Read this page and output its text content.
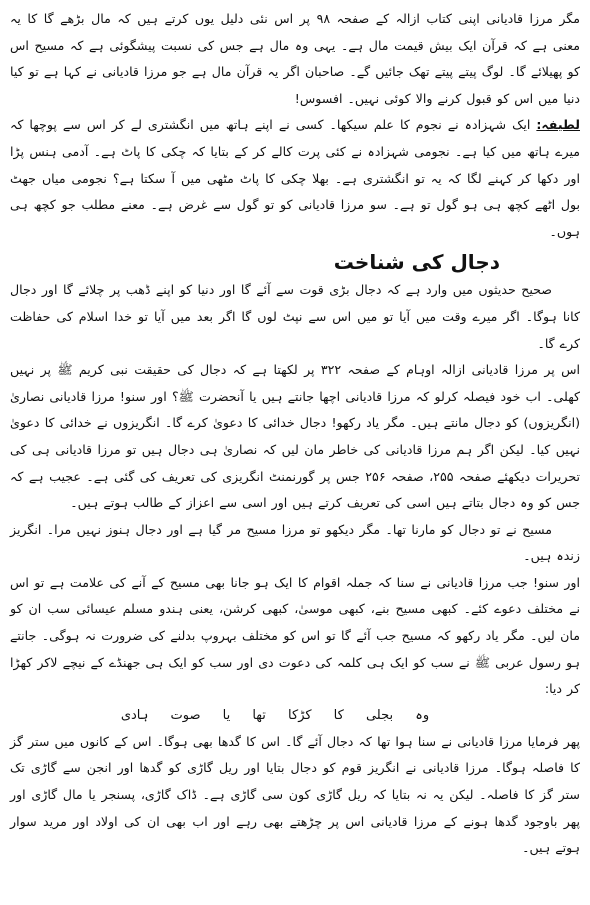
مگر مرزا قادیانی اپنی کتاب ازالہ کے صفحہ ۹۸ پر اس نئی دلیل یوں کرتے ہیں کہ مال بڑھے گا کا یہ معنی ہے کہ قرآن ایک بیش قیمت مال ہے۔ یہی وہ مال ہے جس کی نسبت پیشگوئی ہے کہ مسیح اس کو پھیلائے گا۔ لوگ پیتے پیتے تھک جائیں گے۔ صاحبان اگر یہ قرآن مال ہے جو مرزا قادیانی نے کہا ہے تو کیا دنیا میں اس کو قبول کرنے والا کوئی نہیں۔ افسوس!

لطیفہ: ایک شہزادہ نے نجوم کا علم سیکھا۔ کسی نے اپنے ہاتھ میں انگشتری لے کر اس سے پوچھا کہ میرے ہاتھ میں کیا ہے۔ نجومی شہزادہ نے کئی پرت کالے کر کے بتایا کہ چکی کا پاٹ ہے۔ آدمی ہنس پڑا اور دکھا کر کہنے لگا کہ یہ تو انگشتری ہے۔ بھلا چکی کا پاٹ مٹھی میں آ سکتا ہے؟ نجومی میاں جھٹ بول اٹھے کچھ ہی ہو گول تو ہے۔ سو مرزا قادیانی کو تو گول سے غرض ہے۔ معنے مطلب جو کچھ ہی ہوں۔

دجال کی شناخت

صحیح حدیثوں میں وارد ہے کہ دجال بڑی قوت سے آئے گا اور دنیا کو اپنے ڈھب پر چلائے گا اور دجال کانا ہوگا۔ اگر میرے وقت میں آیا تو میں اس سے نپٹ لوں گا اگر بعد میں آیا تو خدا اسلام کی حفاظت کرے گا۔

اس پر مرزا قادیانی ازالہ اوہام کے صفحہ ۳۲۲ پر لکھتا ہے کہ دجال کی حقیقت نبی کریم ﷺ پر نہیں کھلی۔ اب خود فیصلہ کرلو کہ مرزا قادیانی اچھا جانتے ہیں یا آنحضرت ﷺ؟ اور سنو! مرزا قادیانی نصاریٰ (انگریزوں) کو دجال مانتے ہیں۔ مگر یاد رکھو! دجال خدائی کا دعویٰ کرے گا۔ انگریزوں نے خدائی کا دعویٰ نہیں کیا۔ لیکن اگر ہم مرزا قادیانی کی خاطر مان لیں کہ نصاریٰ ہی دجال ہیں تو مرزا قادیانی ہی کی تحریرات دیکھئے صفحہ ۲۵۵، صفحہ ۲۵۶ جس پر گورنمنٹ انگریزی کی تعریف کی گئی ہے۔ عجیب ہے کہ جس کو وہ دجال بتاتے ہیں اسی کی تعریف کرتے ہیں اور اسی سے اعزاز کے طالب ہوتے ہیں۔

مسیح نے تو دجال کو مارنا تھا۔ مگر دیکھو تو مرزا مسیح مر گیا ہے اور دجال ہنوز نہیں مرا۔ انگریز زندہ ہیں۔

اور سنو! جب مرزا قادیانی نے سنا کہ جملہ اقوام کا ایک ہو جانا بھی مسیح کے آنے کی علامت ہے تو اس نے مختلف دعوے کئے۔ کبھی مسیح بنے، کبھی موسیٰ، کبھی کرشن، یعنی ہندو مسلم عیسائی سب ان کو مان لیں۔ مگر یاد رکھو کہ مسیح جب آئے گا تو اس کو مختلف بہروپ بدلنے کی ضرورت نہ ہوگی۔ جانتے ہو رسول عربی ﷺ نے سب کو ایک ہی کلمہ کی دعوت دی اور سب کو ایک ہی جھنڈے کے نیچے لاکر کھڑا کر دیا:

وہ بجلی کا کڑکا تھا یا صوت ہادی

پھر فرمایا مرزا قادیانی نے سنا ہوا تھا کہ دجال آئے گا۔ اس کا گدھا بھی ہوگا۔ اس کے کانوں میں ستر گز کا فاصلہ ہوگا۔ مرزا قادیانی نے انگریز قوم کو دجال بتایا اور ریل گاڑی کو گدھا اور انجن سے گاڑی تک ستر گز کا فاصلہ۔ لیکن یہ نہ بتایا کہ ریل گاڑی کون سی گاڑی ہے۔ ڈاک گاڑی، پسنجر یا مال گاڑی اور پھر باوجود گدھا ہونے کے مرزا قادیانی اس پر چڑھتے بھی رہے اور اب بھی ان کی اولاد اور مرید سوار ہوتے ہیں۔
